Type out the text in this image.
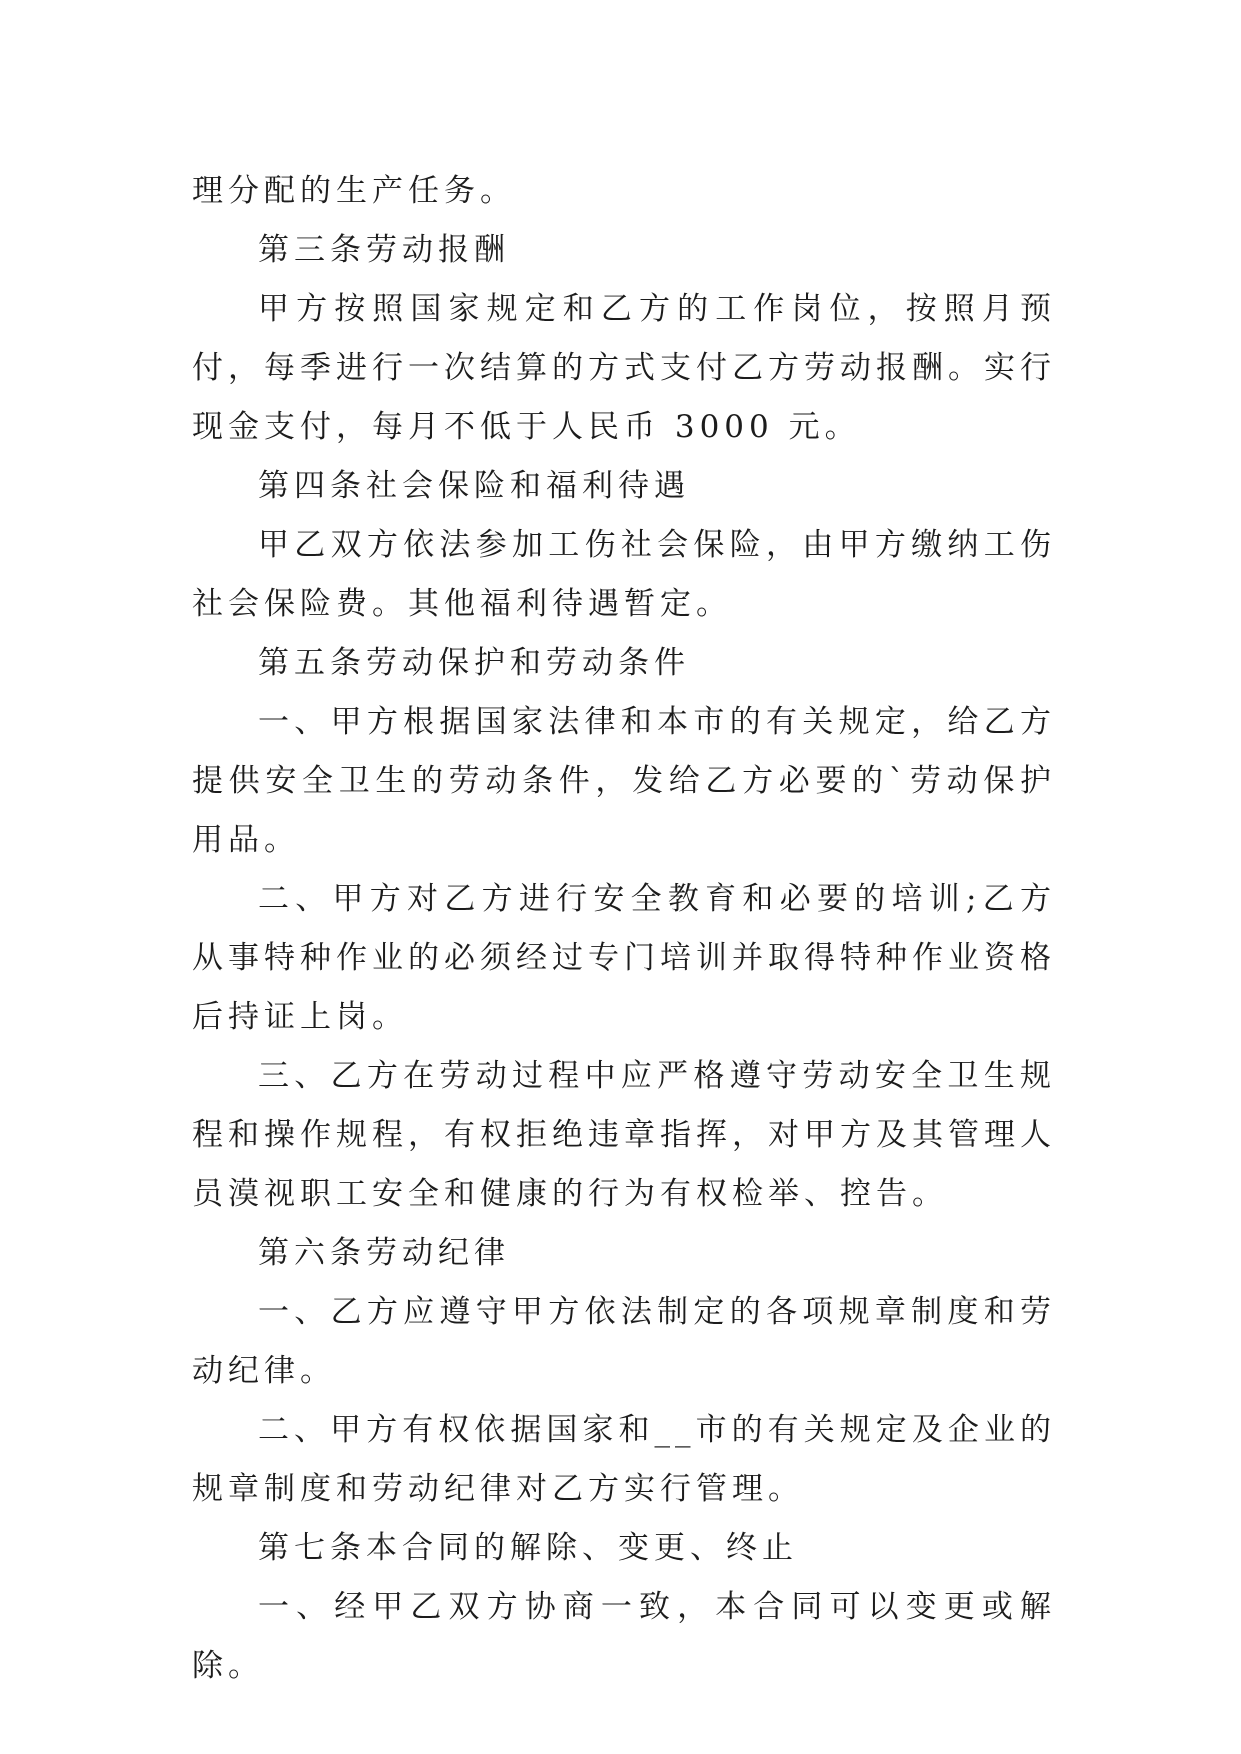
理分配的生产任务。

第三条劳动报酬

甲方按照国家规定和乙方的工作岗位，按照月预付，每季进行一次结算的方式支付乙方劳动报酬。实行现金支付，每月不低于人民币 3000 元。

第四条社会保险和福利待遇

甲乙双方依法参加工伤社会保险，由甲方缴纳工伤社会保险费。其他福利待遇暂定。

第五条劳动保护和劳动条件

一、甲方根据国家法律和本市的有关规定，给乙方提供安全卫生的劳动条件，发给乙方必要的`劳动保护用品。

二、甲方对乙方进行安全教育和必要的培训;乙方从事特种作业的必须经过专门培训并取得特种作业资格后持证上岗。

三、乙方在劳动过程中应严格遵守劳动安全卫生规程和操作规程，有权拒绝违章指挥，对甲方及其管理人员漠视职工安全和健康的行为有权检举、控告。

第六条劳动纪律

一、乙方应遵守甲方依法制定的各项规章制度和劳动纪律。

二、甲方有权依据国家和__市的有关规定及企业的规章制度和劳动纪律对乙方实行管理。

第七条本合同的解除、变更、终止

一、经甲乙双方协商一致，本合同可以变更或解除。
